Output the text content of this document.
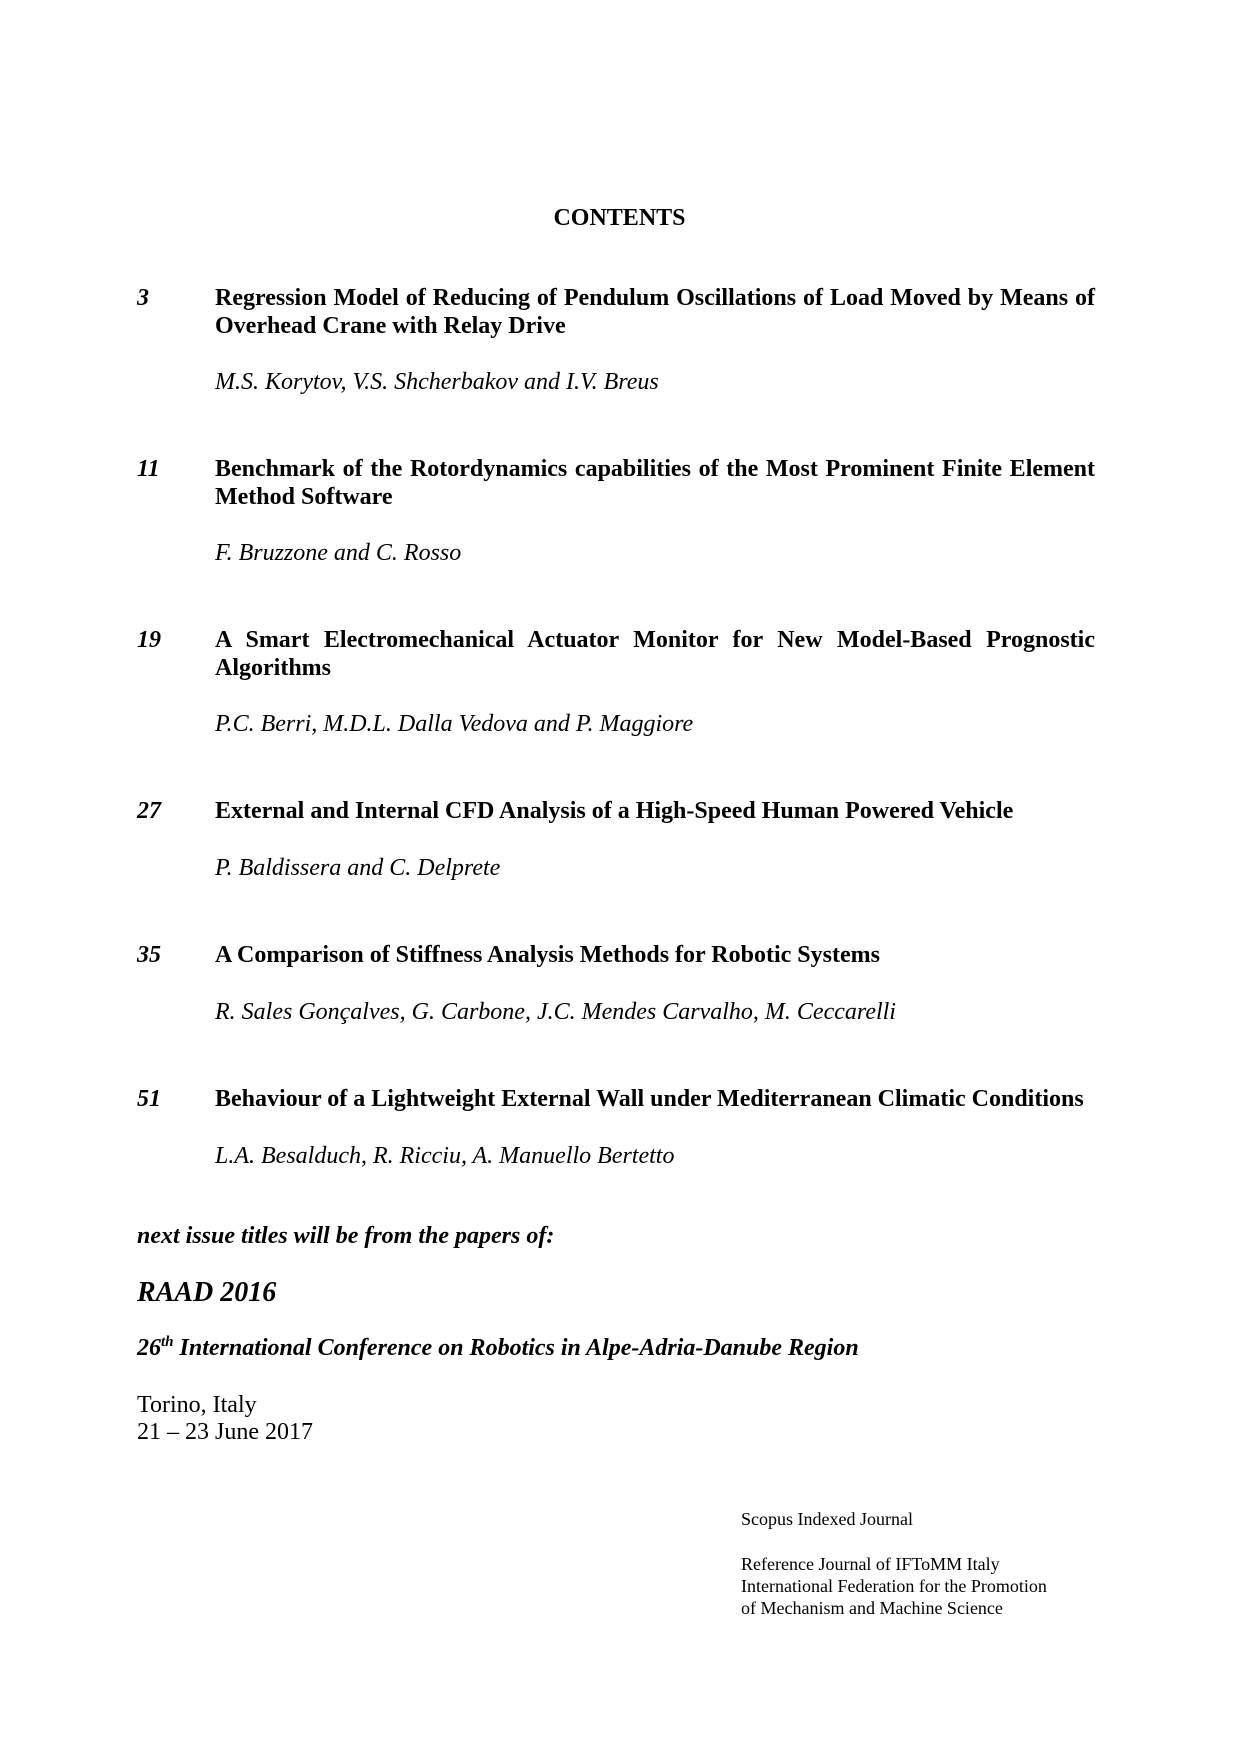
CONTENTS
3	Regression Model of Reducing of Pendulum Oscillations of Load Moved by Means of Overhead Crane with Relay Drive

M.S. Korytov, V.S. Shcherbakov and I.V. Breus
11 Benchmark of the Rotordynamics capabilities of the Most Prominent Finite Element Method Software

F. Bruzzone and C. Rosso
19 A Smart Electromechanical Actuator Monitor for New Model-Based Prognostic Algorithms

P.C. Berri, M.D.L. Dalla Vedova and P. Maggiore
27 External and Internal CFD Analysis of a High-Speed Human Powered Vehicle

P. Baldissera and C. Delprete
35 A Comparison of Stiffness Analysis Methods for Robotic Systems

R. Sales Gonçalves, G. Carbone, J.C. Mendes Carvalho, M. Ceccarelli
51 Behaviour of a Lightweight External Wall under Mediterranean Climatic Conditions

L.A. Besalduch, R. Ricciu, A. Manuello Bertetto
next issue titles will be from the papers of:
RAAD 2016
26th International Conference on Robotics in Alpe-Adria-Danube Region
Torino, Italy
21 – 23 June 2017
Scopus Indexed Journal
Reference Journal of IFToMM Italy
International Federation for the Promotion
of Mechanism and Machine Science
